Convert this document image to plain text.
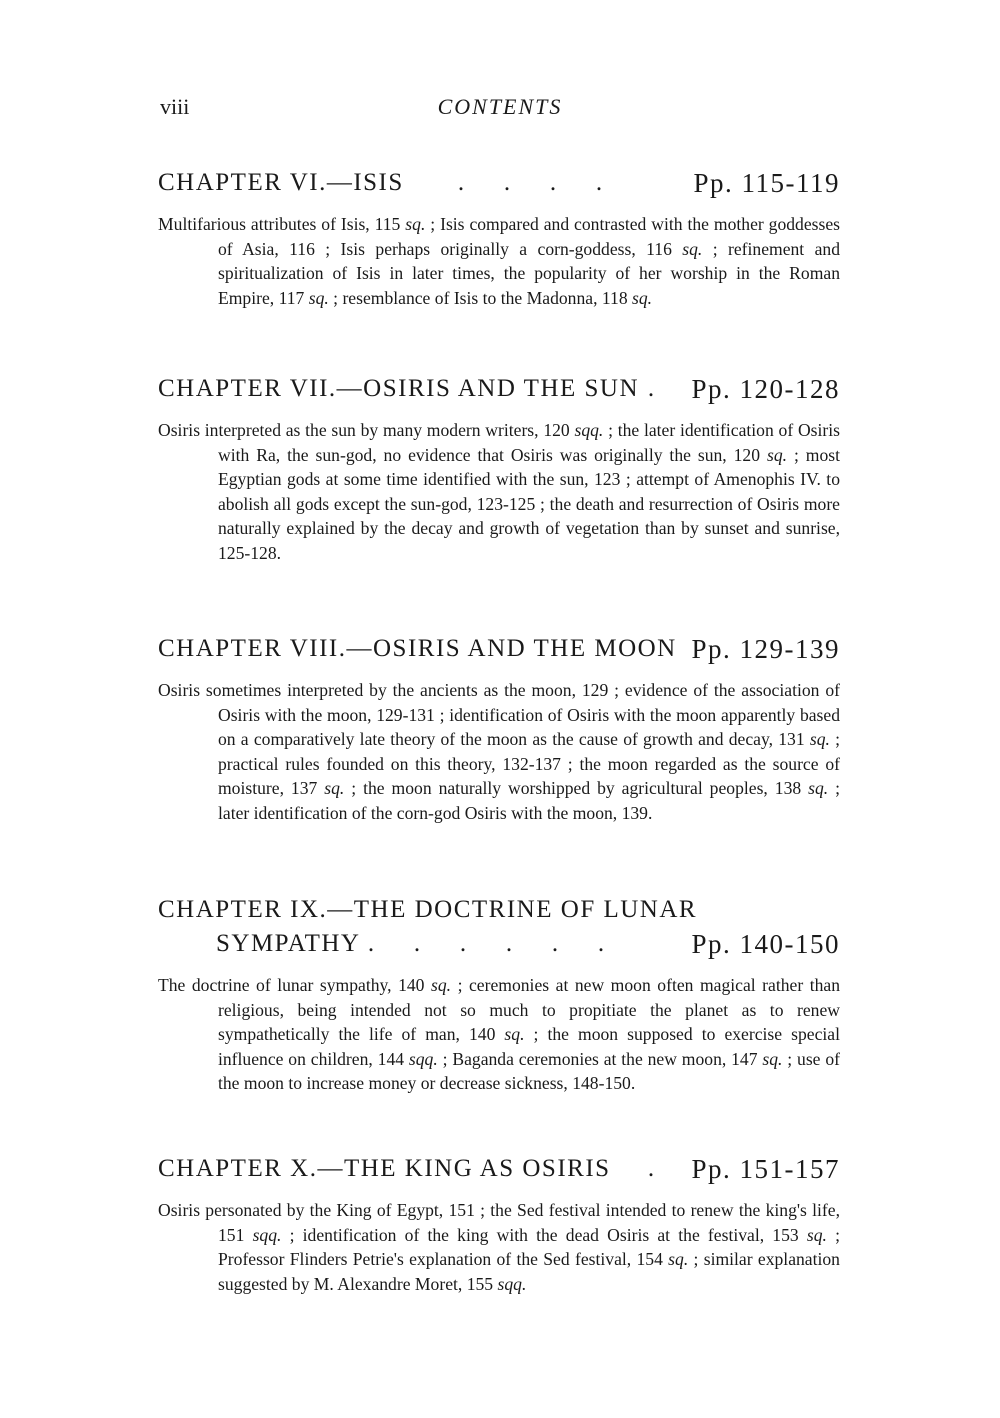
viii	CONTENTS
CHAPTER VI.—ISIS	. . . .	Pp. 115-119
Multifarious attributes of Isis, 115 sq. ; Isis compared and contrasted with the mother goddesses of Asia, 116 ; Isis perhaps originally a corn-goddess, 116 sq. ; refinement and spiritualization of Isis in later times, the popularity of her worship in the Roman Empire, 117 sq. ; resemblance of Isis to the Madonna, 118 sq.
CHAPTER VII.—OSIRIS AND THE SUN .	Pp. 120-128
Osiris interpreted as the sun by many modern writers, 120 sqq. ; the later identification of Osiris with Ra, the sun-god, no evidence that Osiris was originally the sun, 120 sq. ; most Egyptian gods at some time identified with the sun, 123 ; attempt of Amenophis IV. to abolish all gods except the sun-god, 123-125 ; the death and resurrection of Osiris more naturally explained by the decay and growth of vegetation than by sunset and sunrise, 125-128.
CHAPTER VIII.—OSIRIS AND THE MOON Pp. 129-139
Osiris sometimes interpreted by the ancients as the moon, 129 ; evidence of the association of Osiris with the moon, 129-131 ; identification of Osiris with the moon apparently based on a comparatively late theory of the moon as the cause of growth and decay, 131 sq. ; practical rules founded on this theory, 132-137 ; the moon regarded as the source of moisture, 137 sq. ; the moon naturally worshipped by agricultural peoples, 138 sq. ; later identification of the corn-god Osiris with the moon, 139.
CHAPTER IX.—THE DOCTRINE OF LUNAR
SYMPATHY . . . . . .	Pp. 140-150
The doctrine of lunar sympathy, 140 sq. ; ceremonies at new moon often magical rather than religious, being intended not so much to propitiate the planet as to renew sympathetically the life of man, 140 sq. ; the moon supposed to exercise special influence on children, 144 sqq. ; Baganda ceremonies at the new moon, 147 sq. ; use of the moon to increase money or decrease sickness, 148-150.
CHAPTER X.—THE KING AS OSIRIS	.	Pp. 151-157
Osiris personated by the King of Egypt, 151 ; the Sed festival intended to renew the king's life, 151 sqq. ; identification of the king with the dead Osiris at the festival, 153 sq. ; Professor Flinders Petrie's explanation of the Sed festival, 154 sq. ; similar explanation suggested by M. Alexandre Moret, 155 sqq.
